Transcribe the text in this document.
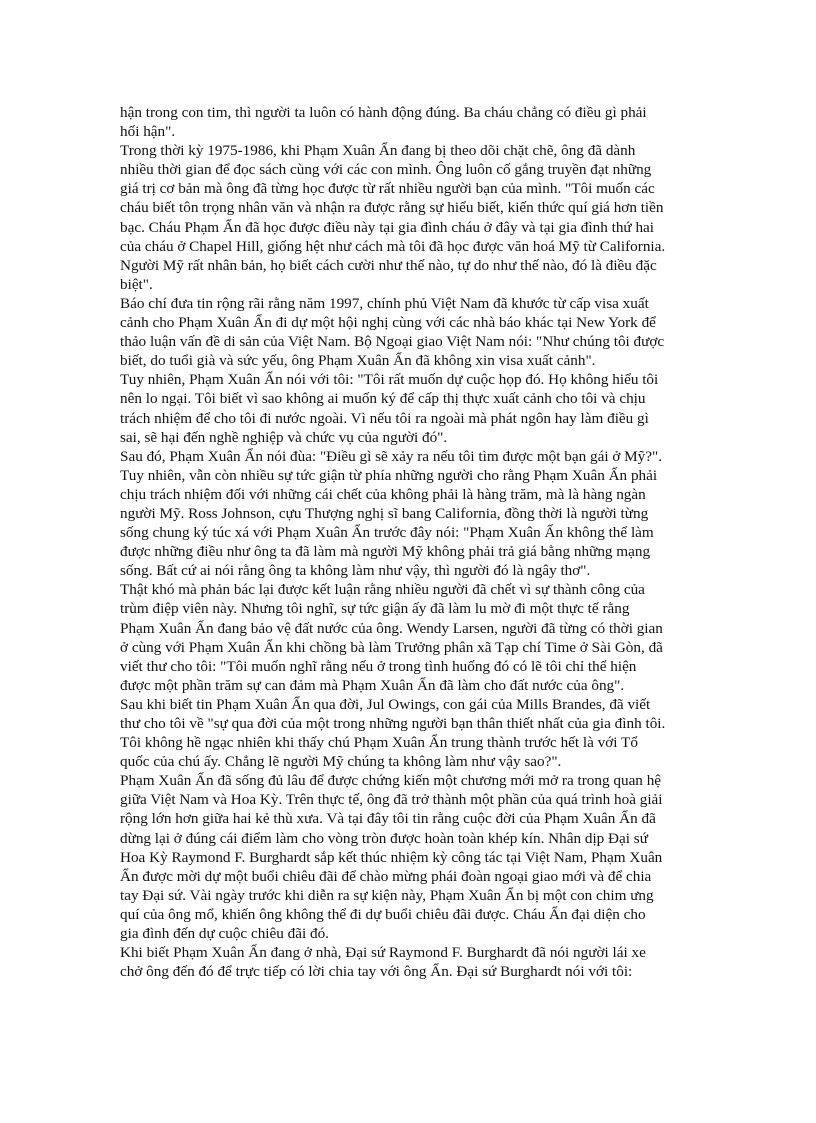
hận trong con tim, thì người ta luôn có hành động đúng. Ba cháu chẳng có điều gì phải
hối hận".
Trong thời kỳ 1975-1986, khi Phạm Xuân Ẩn đang bị theo dõi chặt chẽ, ông đã dành
nhiều thời gian để đọc sách cùng với các con mình. Ông luôn cố gắng truyền đạt những
giá trị cơ bản mà ông đã từng học được từ rất nhiều người bạn của mình. "Tôi muốn các
cháu biết tôn trọng nhân văn và nhận ra được rằng sự hiểu biết, kiến thức quí giá hơn tiền
bạc. Cháu Phạm Ẩn đã học được điều này tại gia đình cháu ở đây và tại gia đình thứ hai
của cháu ở Chapel Hill, giống hệt như cách mà tôi đã học được văn hoá Mỹ từ California.
Người Mỹ rất nhân bản, họ biết cách cười như thế nào, tự do như thế nào, đó là điều đặc
biệt".
Báo chí đưa tin rộng rãi rằng năm 1997, chính phủ Việt Nam đã khước từ cấp visa xuất
cảnh cho Phạm Xuân Ẩn đi dự một hội nghị cùng với các nhà báo khác tại New York để
thảo luận vấn đề di sản của Việt Nam. Bộ Ngoại giao Việt Nam nói: "Như chúng tôi được
biết, do tuổi già và sức yếu, ông Phạm Xuân Ẩn đã không xin visa xuất cảnh".
Tuy nhiên, Phạm Xuân Ẩn nói với tôi: "Tôi rất muốn dự cuộc họp đó. Họ không hiểu tôi
nên lo ngại. Tôi biết vì sao không ai muốn ký để cấp thị thực xuất cảnh cho tôi và chịu
trách nhiệm để cho tôi đi nước ngoài. Vì nếu tôi ra ngoài mà phát ngôn hay làm điều gì
sai, sẽ hại đến nghề nghiệp và chức vụ của người đó".
Sau đó, Phạm Xuân Ẩn nói đùa: "Điều gì sẽ xảy ra nếu tôi tìm được một bạn gái ở Mỹ?".
Tuy nhiên, vẫn còn nhiều sự tức giận từ phía những người cho rằng Phạm Xuân Ẩn phải
chịu trách nhiệm đối với những cái chết của không phải là hàng trăm, mà là hàng ngàn
người Mỹ. Ross Johnson, cựu Thượng nghị sĩ bang California, đồng thời là người từng
sống chung ký túc xá với Phạm Xuân Ẩn trước đây nói: "Phạm Xuân Ẩn không thể làm
được những điều như ông ta đã làm mà người Mỹ không phải trả giá bằng những mạng
sống. Bất cứ ai nói rằng ông ta không làm như vậy, thì người đó là ngây thơ".
Thật khó mà phản bác lại được kết luận rằng nhiều người đã chết vì sự thành công của
trùm điệp viên này. Nhưng tôi nghĩ, sự tức giận ấy đã làm lu mờ đi một thực tế rằng
Phạm Xuân Ẩn đang bảo vệ đất nước của ông. Wendy Larsen, người đã từng có thời gian
ở cùng với Phạm Xuân Ẩn khi chồng bà làm Trưởng phân xã Tạp chí Time ở Sài Gòn, đã
viết thư cho tôi: "Tôi muốn nghĩ rằng nếu ở trong tình huống đó có lẽ tôi chỉ thể hiện
được một phần trăm sự can đảm mà Phạm Xuân Ẩn đã làm cho đất nước của ông".
Sau khi biết tin Phạm Xuân Ẩn qua đời, Jul Owings, con gái của Mills Brandes, đã viết
thư cho tôi về "sự qua đời của một trong những người bạn thân thiết nhất của gia đình tôi.
Tôi không hề ngạc nhiên khi thấy chú Phạm Xuân Ẩn trung thành trước hết là với Tổ
quốc của chú ấy. Chẳng lẽ người Mỹ chúng ta không làm như vậy sao?".
Phạm Xuân Ẩn đã sống đủ lâu để được chứng kiến một chương mới mở ra trong quan hệ
giữa Việt Nam và Hoa Kỳ. Trên thực tế, ông đã trở thành một phần của quá trình hoà giải
rộng lớn hơn giữa hai kẻ thù xưa. Và tại đây tôi tin rằng cuộc đời của Phạm Xuân Ẩn đã
dừng lại ở đúng cái điểm làm cho vòng tròn được hoàn toàn khép kín. Nhân dịp Đại sứ
Hoa Kỳ Raymond F. Burghardt sắp kết thúc nhiệm kỳ công tác tại Việt Nam, Phạm Xuân
Ẩn được mời dự một buổi chiêu đãi để chào mừng phái đoàn ngoại giao mới và để chia
tay Đại sứ. Vài ngày trước khi diễn ra sự kiện này, Phạm Xuân Ẩn bị một con chim ưng
quí của ông mổ, khiến ông không thể đi dự buổi chiêu đãi được. Cháu Ẩn đại diện cho
gia đình đến dự cuộc chiêu đãi đó.
Khi biết Phạm Xuân Ẩn đang ở nhà, Đại sứ Raymond F. Burghardt đã nói người lái xe
chở ông đến đó để trực tiếp có lời chia tay với ông Ẩn. Đại sứ Burghardt nói với tôi:
